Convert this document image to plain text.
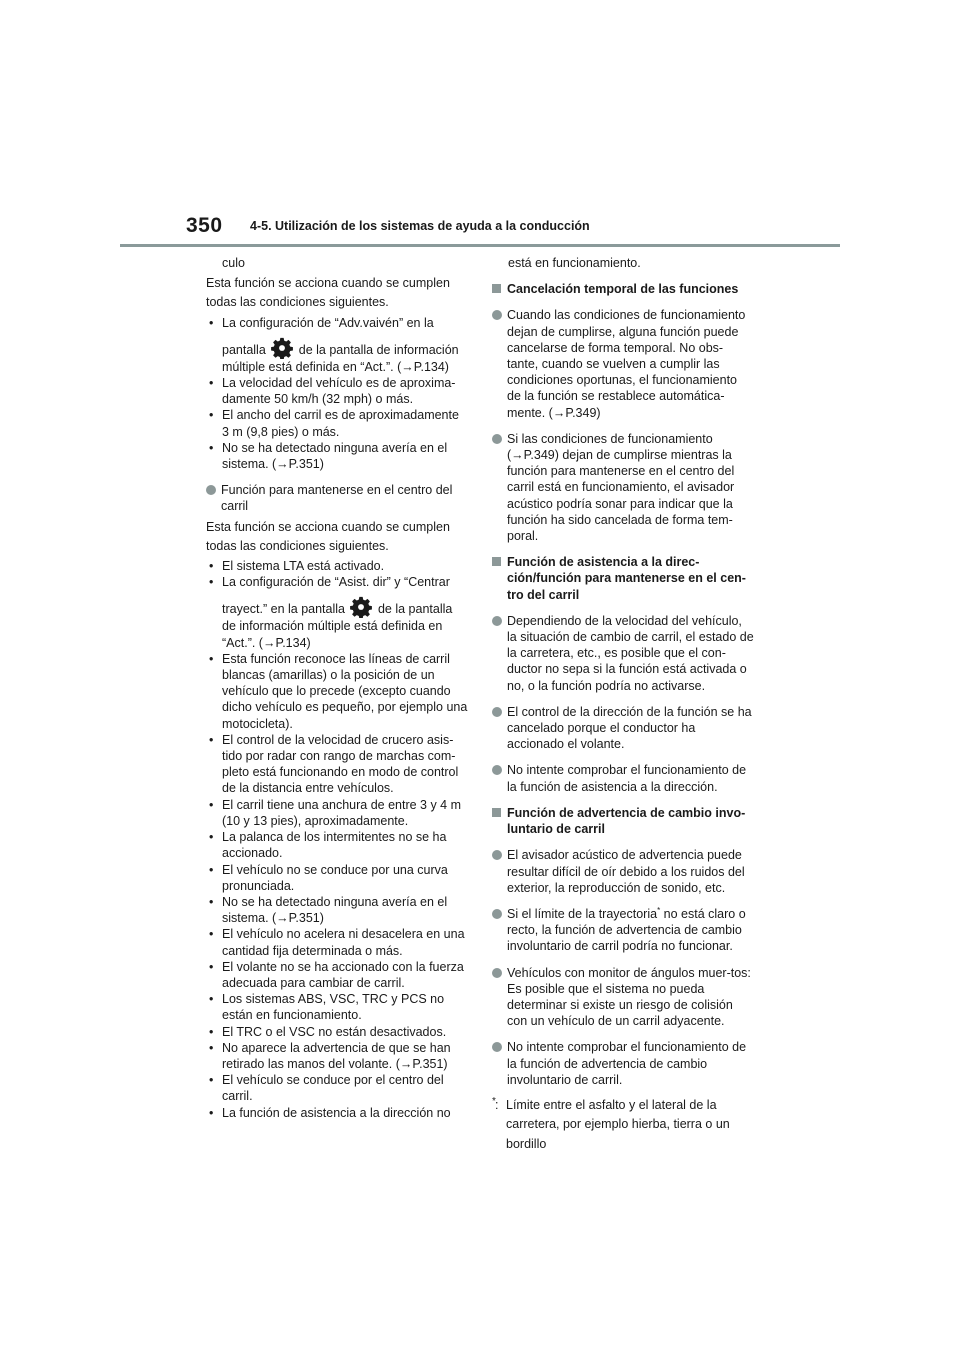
350 4-5. Utilización de los sistemas de ayuda a la conducción

culo

Esta función se acciona cuando se cumplen

todas las condiciones siguientes.

• La configuración de “Adv.vaivén” en la
pantalla	de la pantalla de información
múltiple está definida en “Act.”. (→P.134)
• La velocidad del vehículo es de aproxima-damente 50 km/h (32 mph) o más.
• El ancho del carril es de aproximadamente 3 m (9,8 pies) o más.
• No se ha detectado ninguna avería en el sistema. (→P.351)
Función para mantenerse en el centro del carril

Esta función se acciona cuando se cumplen

todas las condiciones siguientes.

• El sistema LTA está activado.
• La configuración de “Asist. dir” y “Centrar
trayect.” en la pantalla	de la pantalla
de información múltiple está definida en “Act.”. (→P.134)
• Esta función reconoce las líneas de carril blancas (amarillas) o la posición de un vehículo que lo precede (excepto cuando dicho vehículo es pequeño, por ejemplo una motocicleta).
• El control de la velocidad de crucero asis-tido por radar con rango de marchas com-pleto está funcionando en modo de control de la distancia entre vehículos.
• El carril tiene una anchura de entre 3 y 4 m (10 y 13 pies), aproximadamente.
• La palanca de los intermitentes no se ha accionado.
• El vehículo no se conduce por una curva pronunciada.
• No se ha detectado ninguna avería en el sistema. (→P.351)
• El vehículo no acelera ni desacelera en una cantidad fija determinada o más.
• El volante no se ha accionado con la fuerza adecuada para cambiar de carril.
• Los sistemas ABS, VSC, TRC y PCS no están en funcionamiento.
• El TRC o el VSC no están desactivados.
• No aparece la advertencia de que se han retirado las manos del volante. (→P.351)
• El vehículo se conduce por el centro del carril.
• La función de asistencia a la dirección no

está en funcionamiento.

Cancelación temporal de las funciones
Cuando las condiciones de funcionamiento dejan de cumplirse, alguna función puede cancelarse de forma temporal. No obs-tante, cuando se vuelven a cumplir las condiciones oportunas, el funcionamiento de la función se restablece automática-mente. (→P.349)
Si las condiciones de funcionamiento (→P.349) dejan de cumplirse mientras la función para mantenerse en el centro del carril está en funcionamiento, el avisador acústico podría sonar para indicar que la función ha sido cancelada de forma tem-poral.
Función de asistencia a la direc-ción/función para mantenerse en el cen-tro del carril
Dependiendo de la velocidad del vehículo, la situación de cambio de carril, el estado de la carretera, etc., es posible que el con-ductor no sepa si la función está activada o no, o la función podría no activarse.
El control de la dirección de la función se ha cancelado porque el conductor ha accionado el volante.
No intente comprobar el funcionamiento de la función de asistencia a la dirección.
Función de advertencia de cambio invo-luntario de carril
El avisador acústico de advertencia puede resultar difícil de oír debido a los ruidos del exterior, la reproducción de sonido, etc.
Si el límite de la trayectoria* no está claro o recto, la función de advertencia de cambio involuntario de carril podría no funcionar.
Vehículos con monitor de ángulos muer-tos: Es posible que el sistema no pueda determinar si existe un riesgo de colisión con un vehículo de un carril adyacente.
No intente comprobar el funcionamiento de la función de advertencia de cambio involuntario de carril.
* : Límite entre el asfalto y el lateral de la carretera, por ejemplo hierba, tierra o un bordillo
